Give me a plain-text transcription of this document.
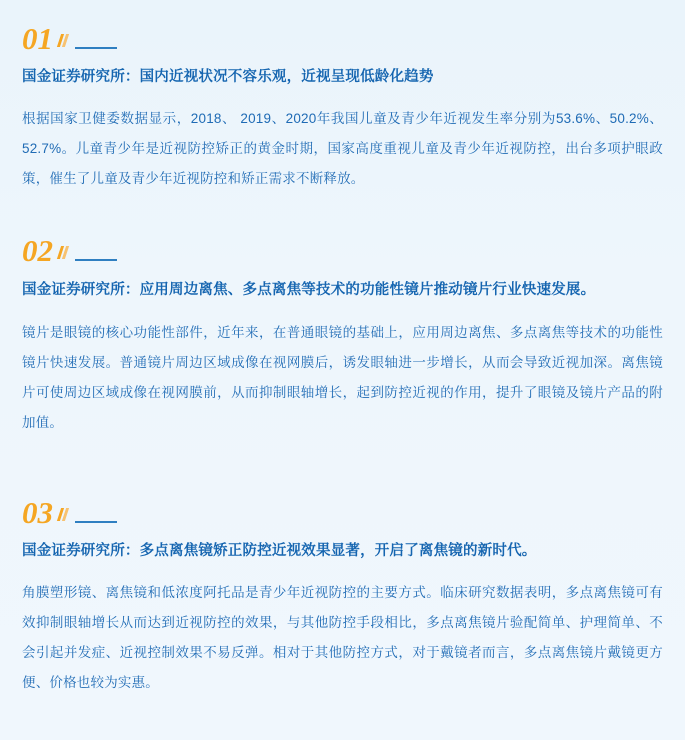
01
国金证券研究所：国内近视状况不容乐观，近视呈现低龄化趋势
根据国家卫健委数据显示，2018、 2019、2020年我国儿童及青少年近视发生率分别为53.6%、50.2%、 52.7%。儿童青少年是近视防控矫正的黄金时期，国家高度重视儿童及青少年近视防控，出台多项护眼政策，催生了儿童及青少年近视防控和矫正需求不断释放。
02
国金证券研究所：应用周边离焦、多点离焦等技术的功能性镜片推动镜片行业快速发展。
镜片是眼镜的核心功能性部件，近年来，在普通眼镜的基础上，应用周边离焦、多点离焦等技术的功能性镜片快速发展。普通镜片周边区域成像在视网膜后，诱发眼轴进一步增长，从而会导致近视加深。离焦镜片可使周边区域成像在视网膜前，从而抑制眼轴增长，起到防控近视的作用，提升了眼镜及镜片产品的附加值。
03
国金证券研究所：多点离焦镜矫正防控近视效果显著，开启了离焦镜的新时代。
角膜塑形镜、离焦镜和低浓度阿托品是青少年近视防控的主要方式。临床研究数据表明，多点离焦镜可有效抑制眼轴增长从而达到近视防控的效果，与其他防控手段相比，多点离焦镜片验配简单、护理简单、不会引起并发症、近视控制效果不易反弹。相对于其他防控方式，对于戴镜者而言，多点离焦镜片戴镜更方便、价格也较为实惠。
